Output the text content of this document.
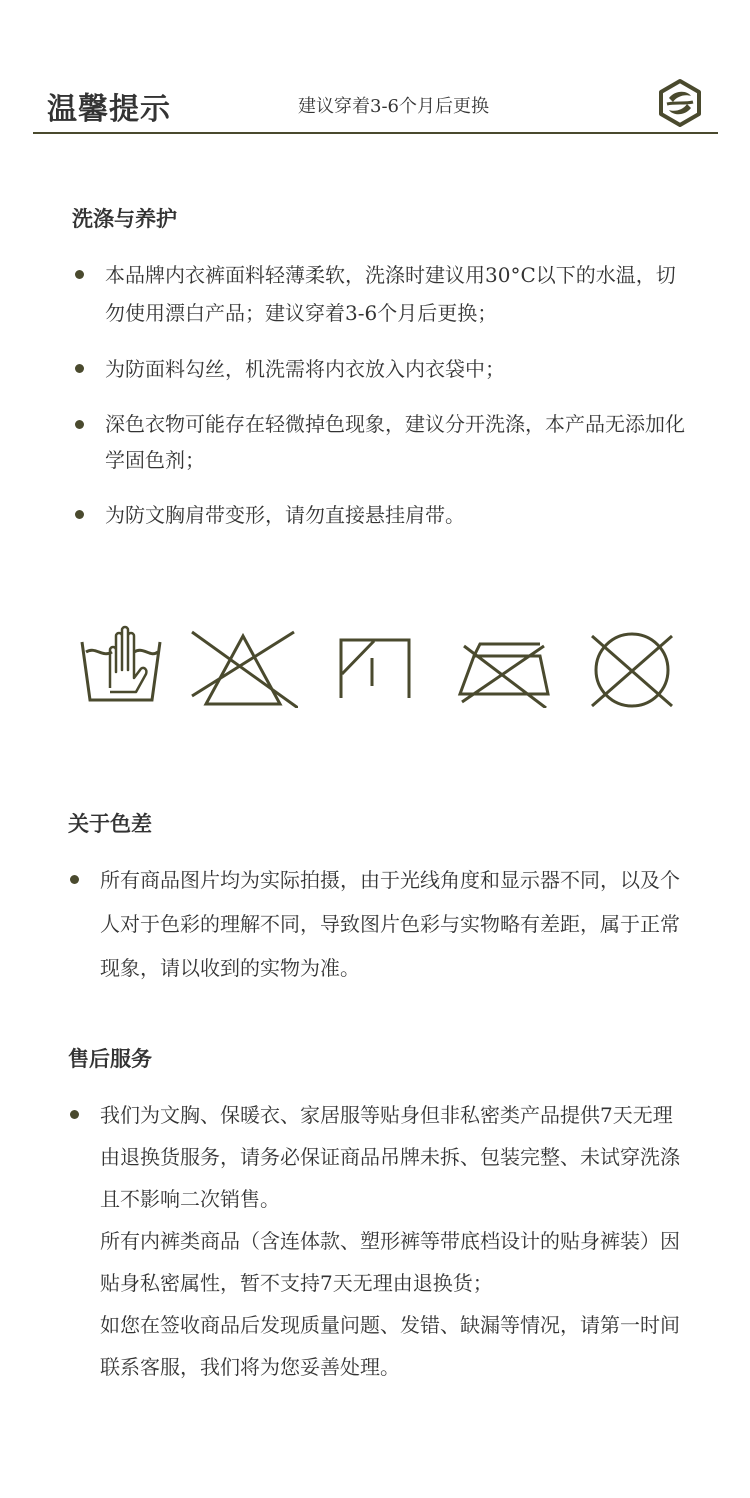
温馨提示	建议穿着3-6个月后更换
洗涤与养护

本品牌内衣裤面料轻薄柔软，洗涤时建议用30°C以下的水温，切勿使用漂白产品；建议穿着3-6个月后更换；

为防面料勾丝，机洗需将内衣放入内衣袋中；

深色衣物可能存在轻微掉色现象，建议分开洗涤，本产品无添加化学固色剂；

为防文胸肩带变形，请勿直接悬挂肩带。

关于色差

所有商品图片均为实际拍摄，由于光线角度和显示器不同，以及个人对于色彩的理解不同，导致图片色彩与实物略有差距，属于正常现象，请以收到的实物为准。

售后服务

我们为文胸、保暖衣、家居服等贴身但非私密类产品提供7天无理由退换货服务，请务必保证商品吊牌未拆、包装完整、未试穿洗涤且不影响二次销售。

所有内裤类商品（含连体款、塑形裤等带底档设计的贴身裤装）因贴身私密属性，暂不支持7天无理由退换货；

如您在签收商品后发现质量问题、发错、缺漏等情况，请第一时间联系客服，我们将为您妥善处理。
